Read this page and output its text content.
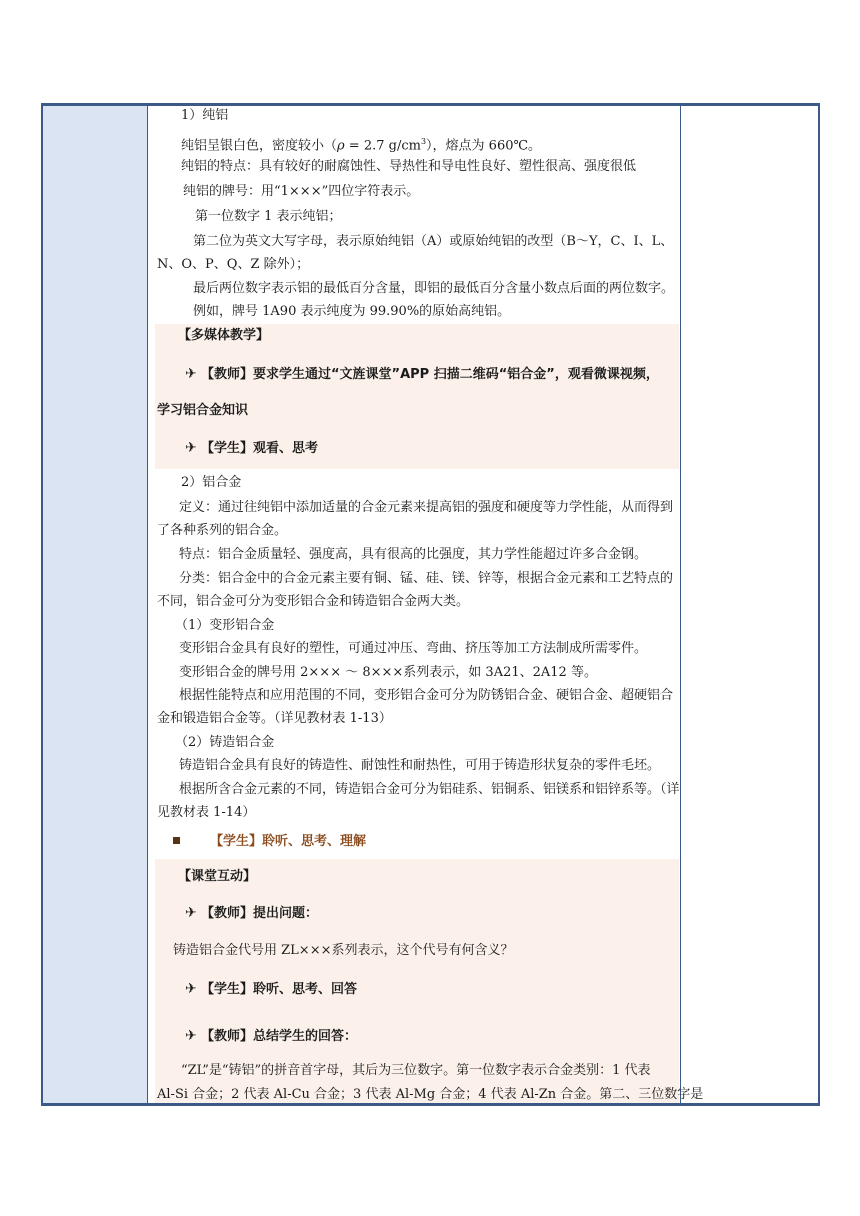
1）纯铝
纯铝呈银白色，密度较小（ρ = 2.7 $g/cm^3$），熔点为 660℃。
纯铝的特点：具有较好的耐腐蚀性、导热性和导电性良好、塑性很高、强度很低
纯铝的牌号：用“1×××”四位字符表示。
第一位数字 1 表示纯铝；
第二位为英文大写字母，表示原始纯铝（A）或原始纯铝的改型（B～Y，C、I、L、
N、O、P、Q、Z 除外）；
最后两位数字表示铝的最低百分含量，即铝的最低百分含量小数点后面的两位数字。
例如，牌号 1A90 表示纯度为 99.90%的原始高纯铝。
【多媒体教学】
✈ 【教师】要求学生通过“文旌课堂”APP 扫描二维码“铝合金”，观看微课视频，
学习铝合金知识
✈ 【学生】观看、思考
2）铝合金
定义：通过往纯铝中添加适量的合金元素来提高铝的强度和硬度等力学性能，从而得到
了各种系列的铝合金。
特点：铝合金质量轻、强度高，具有很高的比强度，其力学性能超过许多合金钢。
分类：铝合金中的合金元素主要有铜、锰、硅、镁、锌等，根据合金元素和工艺特点的
不同，铝合金可分为变形铝合金和铸造铝合金两大类。
（1）变形铝合金
变形铝合金具有良好的塑性，可通过冲压、弯曲、挤压等加工方法制成所需零件。
变形铝合金的牌号用 2××× ～ 8×××系列表示，如 3A21、2A12 等。
根据性能特点和应用范围的不同，变形铝合金可分为防锈铝合金、硬铝合金、超硬铝合
金和锻造铝合金等。（详见教材表 1-13）
（2）铸造铝合金
铸造铝合金具有良好的铸造性、耐蚀性和耐热性，可用于铸造形状复杂的零件毛坯。
根据所含合金元素的不同，铸造铝合金可分为铝硅系、铝铜系、铝镁系和铝锌系等。（详
见教材表 1-14）
【学生】聆听、思考、理解
【课堂互动】
✈ 【教师】提出问题：
铸造铝合金代号用 ZL×××系列表示，这个代号有何含义？
✈ 【学生】聆听、思考、回答
✈ 【教师】总结学生的回答：
“ZL”是“铸铝”的拼音首字母，其后为三位数字。第一位数字表示合金类别：1 代表
Al-Si 合金；2 代表 Al-Cu 合金；3 代表 Al-Mg 合金；4 代表 Al-Zn 合金。第二、三位数字是
